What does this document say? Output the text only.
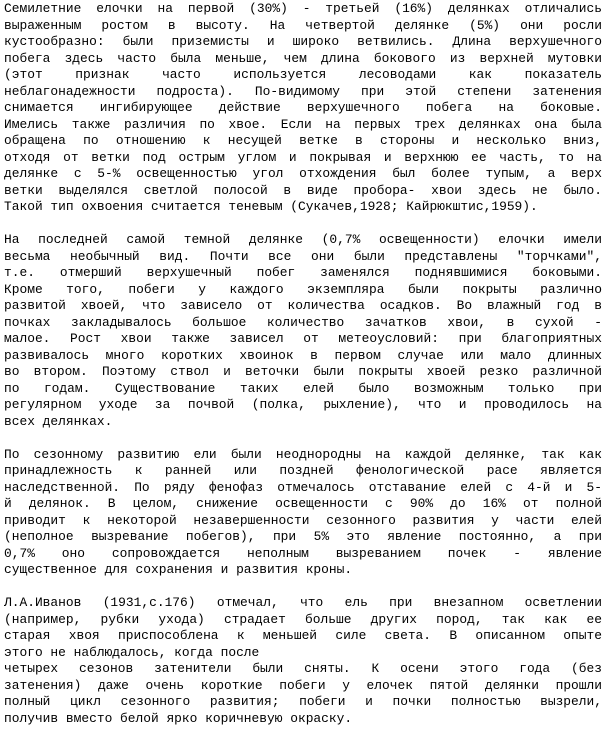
Семилетние елочки на первой (30%) - третьей (16%) делянках отличались
выраженным ростом в высоту. На четвертой делянке (5%) они росли
кустообразно: были приземисты и широко ветвились. Длина верхушечного
побега здесь часто была меньше, чем длина бокового из верхней мутовки
(этот признак часто используется лесоводами как показатель
неблагонадежности подроста). По-видимому при этой степени затенения
снимается ингибирующее действие верхушечного побега на боковые.
Имелись также различия по хвое. Если на первых трех делянках она была
обращена по отношению к несущей ветке в стороны и несколько вниз,
отходя от ветки под острым углом и покрывая и верхнюю ее часть, то на
делянке с 5-% освещенностью угол отхождения был более тупым, а верх
ветки выделялся светлой полосой в виде пробора- хвои здесь не было.
Такой тип охвоения считается теневым (Сукачев,1928; Кайрюкштис,1959).
На последней самой темной делянке (0,7% освещенности) елочки имели
весьма необычный вид. Почти все они были представлены "торчками",
т.е. отмерший верхушечный побег заменялся поднявшимися боковыми.
Кроме того, побеги у каждого экземпляра были покрыты различно
развитой хвоей, что зависело от количества осадков. Во влажный год в
почках закладывалось большое количество зачатков хвои, в сухой -
малое. Рост хвои также зависел от метеоусловий: при благоприятных
развивалось много коротких хвоинок в первом случае или мало длинных
во втором. Поэтому ствол и веточки были покрыты хвоей резко различной
по годам. Существование таких елей было возможным только при
регулярном уходе за почвой (полка, рыхление), что и проводилось на
всех делянках.
По сезонному развитию ели были неоднородны на каждой делянке, так как
принадлежность к ранней или поздней фенологической расе является
наследственной. По ряду фенофаз отмечалось отставание елей с 4-й и 5-
й делянок. В целом, снижение освещенности с 90% до 16% от полной
приводит к некоторой незавершенности сезонного развития у части елей
(неполное вызревание побегов), при 5% это явление постоянно, а при
0,7% оно сопровождается неполным вызреванием почек - явление
существенное для сохранения и развития кроны.
Л.А.Иванов (1931,с.176) отмечал, что ель при внезапном осветлении
(например, рубки ухода) страдает больше других пород, так как ее
старая хвоя приспособлена к меньшей силе света. В описанном опыте
этого не наблюдалось, когда после
четырех сезонов затенители были сняты. К осени этого года (без
затенения) даже очень короткие побеги у елочек пятой делянки прошли
полный цикл сезонного развития; побеги и почки полностью вызрели,
получив вместо белой ярко коричневую окраску.
